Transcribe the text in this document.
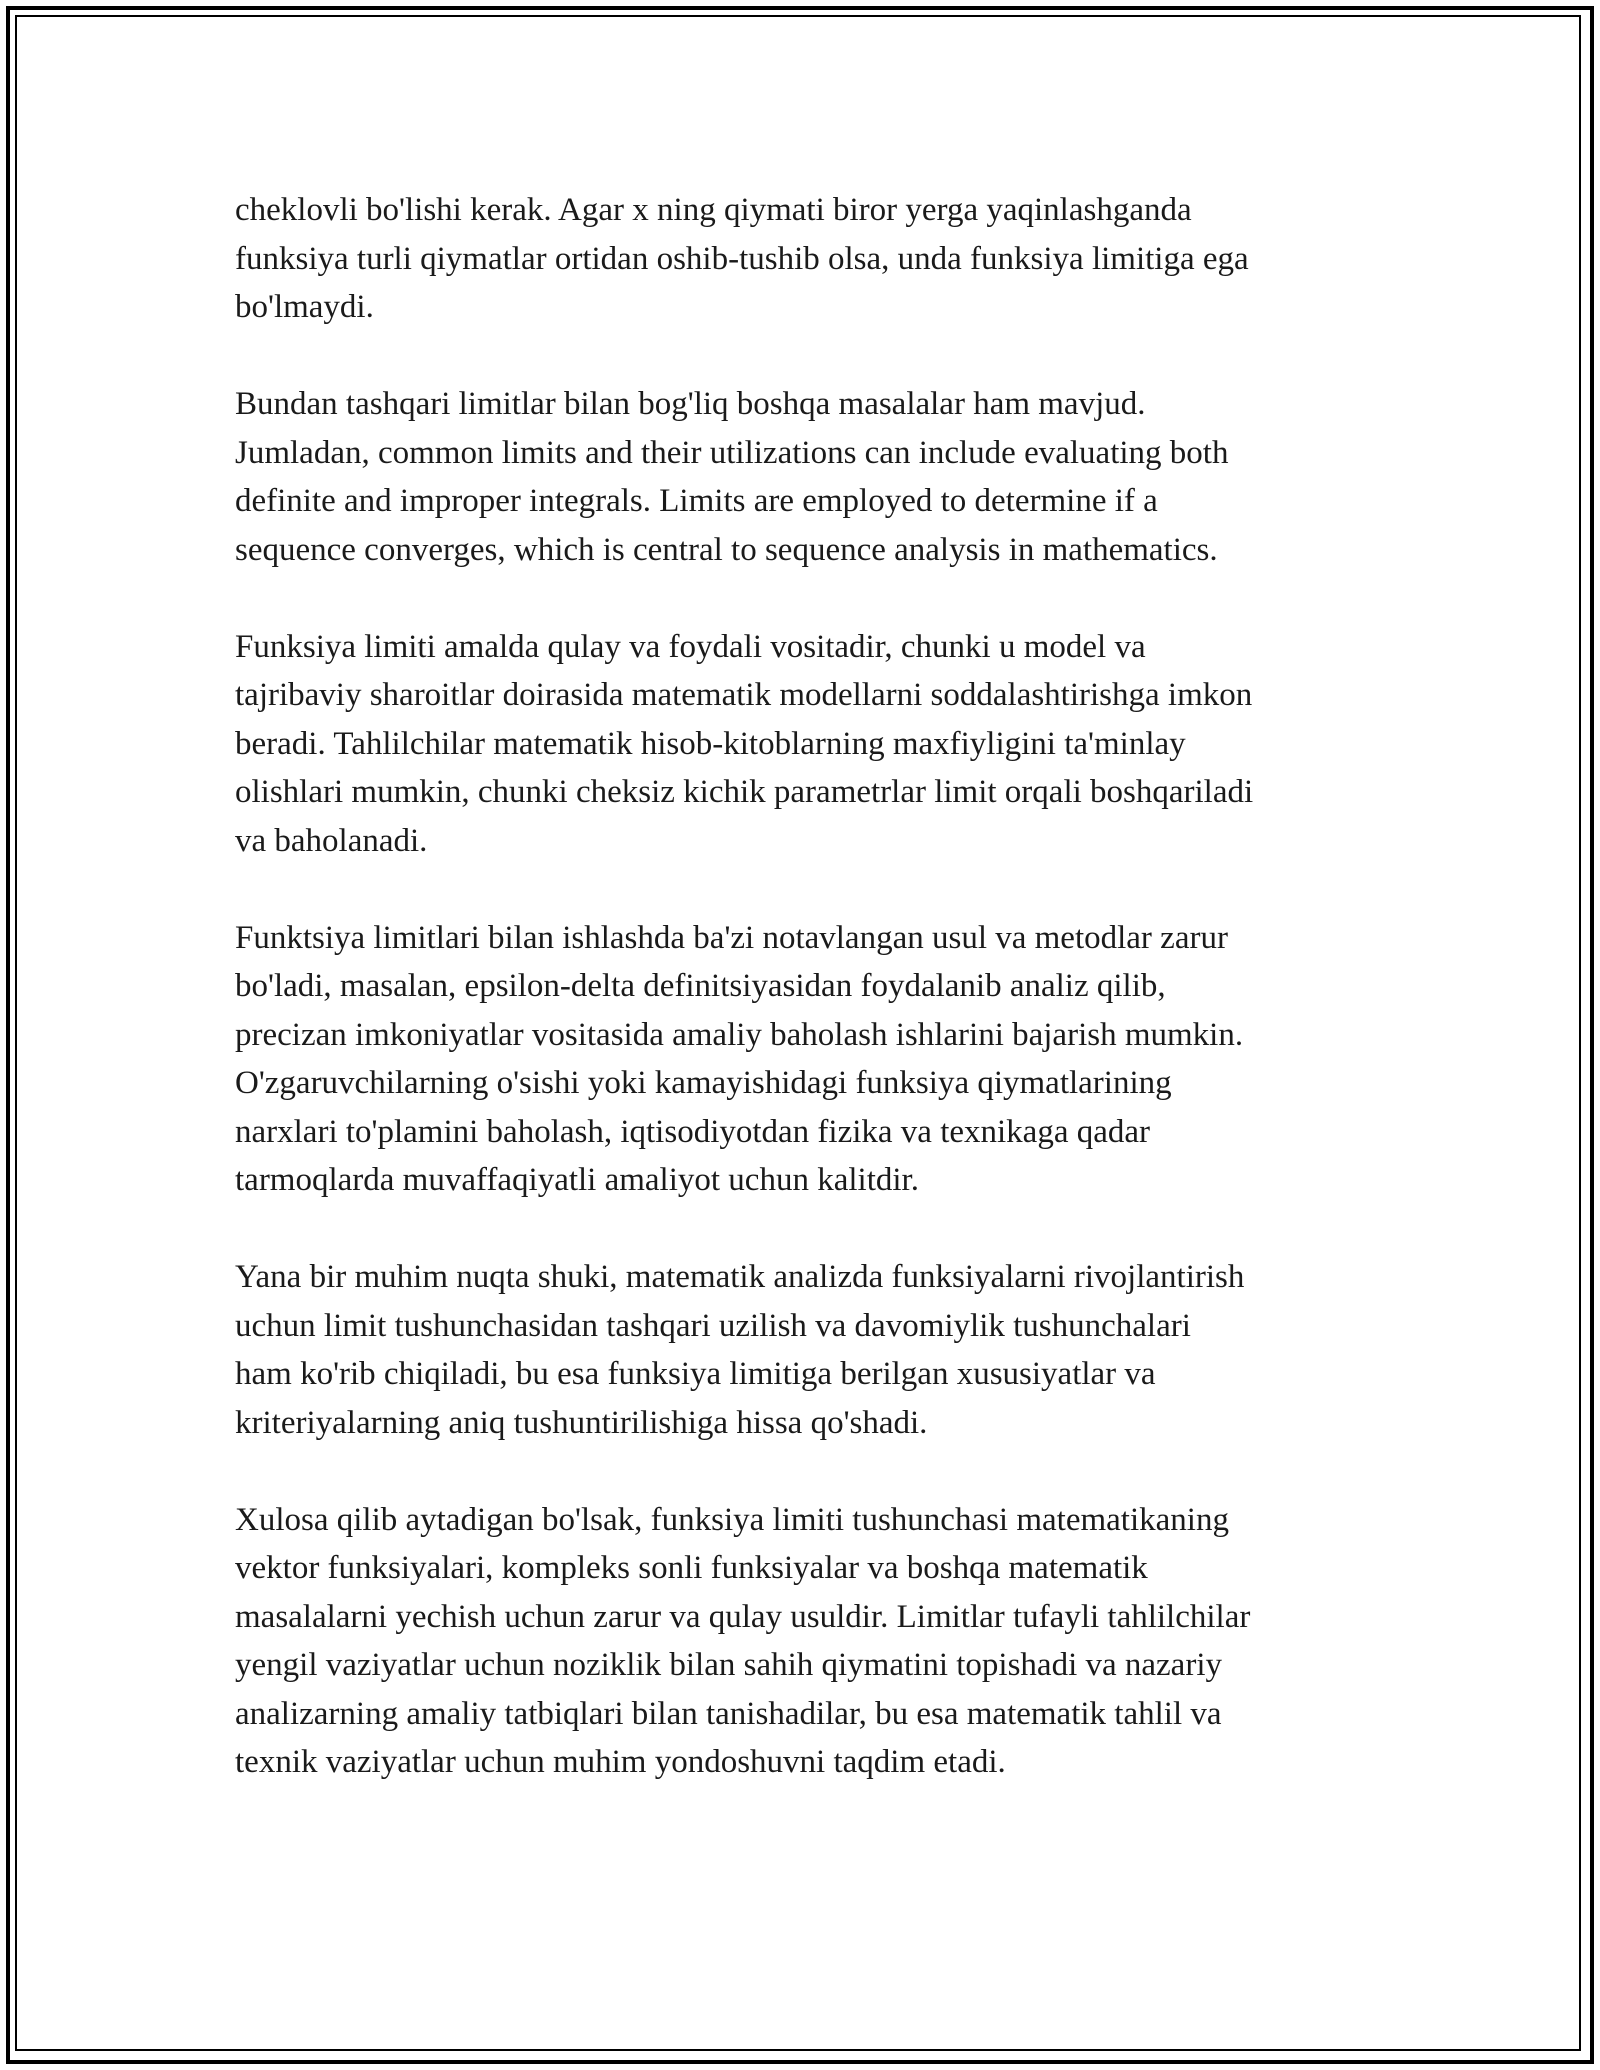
cheklovli bo'lishi kerak. Agar x ning qiymati biror yerga yaqinlashganda
funksiya turli qiymatlar ortidan oshib-tushib olsa, unda funksiya limitiga ega
bo'lmaydi.

Bundan tashqari limitlar bilan bog'liq boshqa masalalar ham mavjud.
Jumladan, common limits and their utilizations can include evaluating both
definite and improper integrals. Limits are employed to determine if a
sequence converges, which is central to sequence analysis in mathematics.

Funksiya limiti amalda qulay va foydali vositadir, chunki u model va
tajribaviy sharoitlar doirasida matematik modellarni soddalashtirishga imkon
beradi. Tahlilchilar matematik hisob-kitoblarning maxfiyligini ta'minlay
olishlari mumkin, chunki cheksiz kichik parametrlar limit orqali boshqariladi
va baholanadi.

Funktsiya limitlari bilan ishlashda ba'zi notavlangan usul va metodlar zarur
bo'ladi, masalan, epsilon-delta definitsiyasidan foydalanib analiz qilib,
precizan imkoniyatlar vositasida amaliy baholash ishlarini bajarish mumkin.
O'zgaruvchilarning o'sishi yoki kamayishidagi funksiya qiymatlarining
narxlari to'plamini baholash, iqtisodiyotdan fizika va texnikaga qadar
tarmoqlarda muvaffaqiyatli amaliyot uchun kalitdir.

Yana bir muhim nuqta shuki, matematik analizda funksiyalarni rivojlantirish
uchun limit tushunchasidan tashqari uzilish va davomiylik tushunchalari
ham ko'rib chiqiladi, bu esa funksiya limitiga berilgan xususiyatlar va
kriteriyalarning aniq tushuntirilishiga hissa qo'shadi.

Xulosa qilib aytadigan bo'lsak, funksiya limiti tushunchasi matematikaning
vektor funksiyalari, kompleks sonli funksiyalar va boshqa matematik
masalalarni yechish uchun zarur va qulay usuldir. Limitlar tufayli tahlilchilar
yengil vaziyatlar uchun noziklik bilan sahih qiymatini topishadi va nazariy
analizarning amaliy tatbiqlari bilan tanishadilar, bu esa matematik tahlil va
texnik vaziyatlar uchun muhim yondoshuvni taqdim etadi.
